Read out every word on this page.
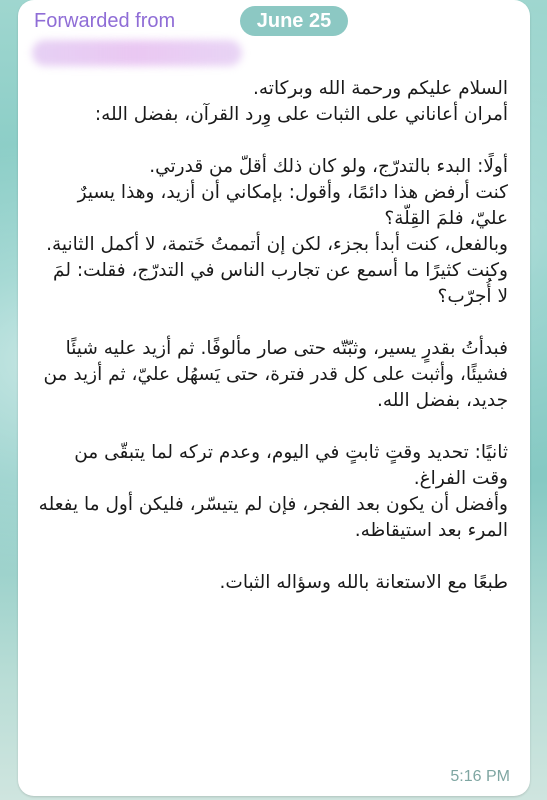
Forwarded from	June 25

السلام عليكم ورحمة الله وبركاته.

أمران أعاناني على الثبات على وِرد القرآن، بفضل الله:

أولًا: البدء بالتدرّج، ولو كان ذلك أقلّ من قدرتي.

كنت أرفض هذا دائمًا، وأقول: بإمكاني أن أزيد، وهذا يسيرٌ عليّ، فلمَ القِلّة؟

وبالفعل، كنت أبدأ بجزء، لكن إن أتممتُ خَتمة، لا أكمل الثانية.

وكنت كثيرًا ما أسمع عن تجارب الناس في التدرّج، فقلت: لمَ لا أُجرّب؟

فبدأتُ بقدرٍ يسير، وثبّتّه حتى صار مألوفًا. ثم أزيد عليه شيئًا فشيئًا، وأثبت على كل قدر فترة، حتى يَسهُل عليّ، ثم أزيد من جديد، بفضل الله.

ثانيًا: تحديد وقتٍ ثابتٍ في اليوم، وعدم تركه لما يتبقّى من وقت الفراغ.

وأفضل أن يكون بعد الفجر، فإن لم يتيسّر، فليكن أول ما يفعله المرء بعد استيقاظه.

طبعًا مع الاستعانة بالله وسؤاله الثبات.

5:16 PM
